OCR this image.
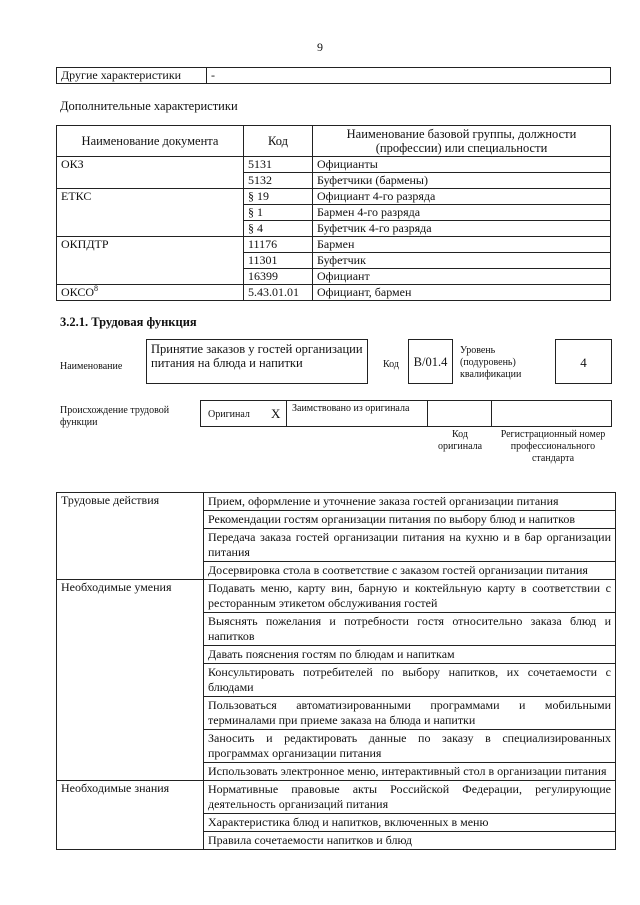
9
Другие характеристики	-
Дополнительные характеристики
Наименование документа	Код	Наименование базовой группы, должности (профессии) или специальности
ОКЗ	5131	Официанты
	5132	Буфетчики (бармены)
ЕТКС	§ 19	Официант 4-го разряда
	§ 1	Бармен 4-го разряда
	§ 4	Буфетчик 4-го разряда
ОКПДТР	11176	Бармен
	11301	Буфетчик
	16399	Официант
ОКСО$^8$	5.43.01.01	Официант, бармен
3.2.1. Трудовая функция
Наименование
Принятие заказов у гостей организации питания на блюда и напитки	Код	B/01.4
Уровень (подуровень) квалификации
4
Происхождение трудовой функции
Оригинал X Заимствовано из оригинала
Код оригинала
Регистрационный номер профессионального стандарта
Трудовые действия	Прием, оформление и уточнение заказа гостей организации питания
	Рекомендации гостям организации питания по выбору блюд и напитков
	Передача заказа гостей организации питания на кухню и в бар организации питания
	Досервировка стола в соответствие с заказом гостей организации питания
Необходимые умения	Подавать меню, карту вин, барную и коктейльную карту в соответствии с ресторанным этикетом обслуживания гостей
	Выяснять пожелания и потребности гостя относительно заказа блюд и напитков
	Давать пояснения гостям по блюдам и напиткам
	Консультировать потребителей по выбору напитков, их сочетаемости с блюдами
	Пользоваться автоматизированными программами и мобильными терминалами при приеме заказа на блюда и напитки
	Заносить и редактировать данные по заказу в специализированных программах организации питания
	Использовать электронное меню, интерактивный стол в организации питания
Необходимые знания	Нормативные правовые акты Российской Федерации, регулирующие деятельность организаций питания
	Характеристика блюд и напитков, включенных в меню
	Правила сочетаемости напитков и блюд
